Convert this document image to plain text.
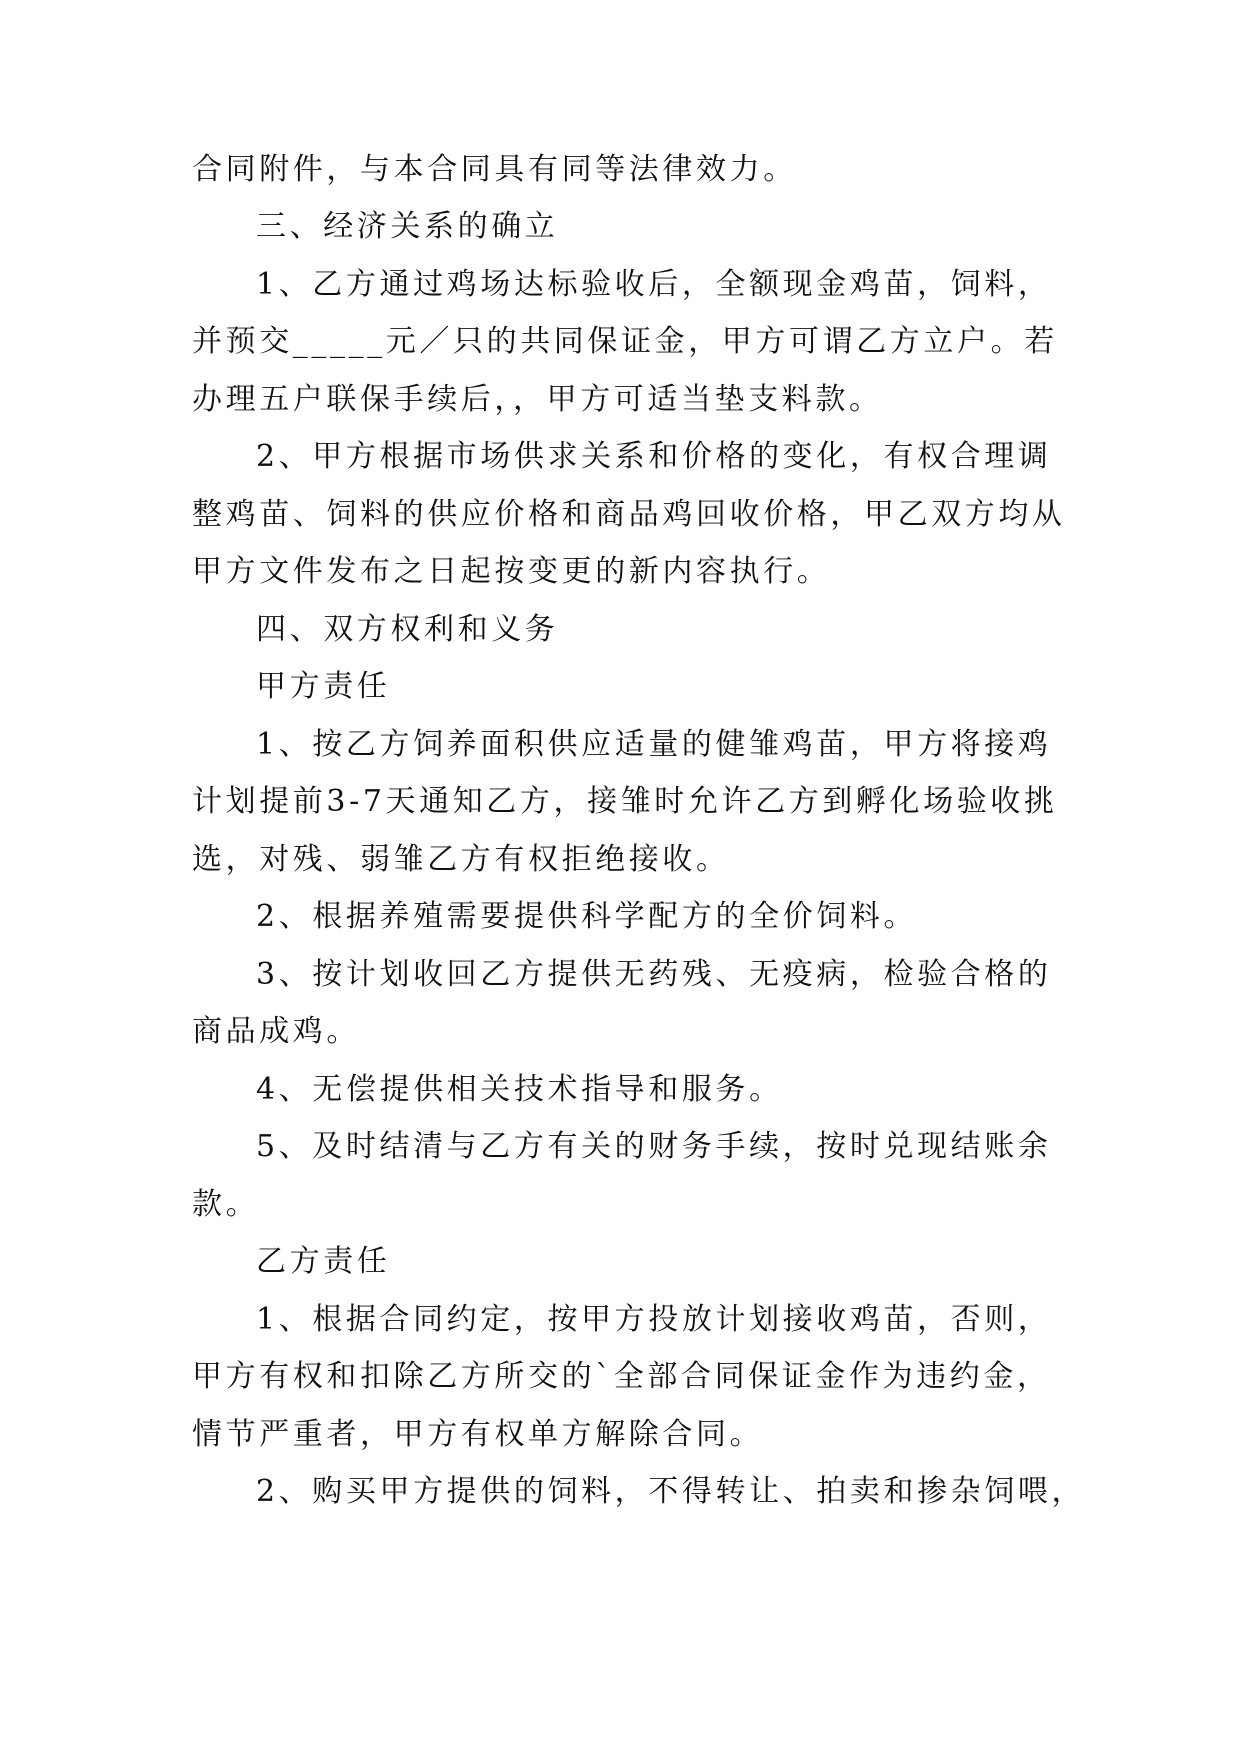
合同附件，与本合同具有同等法律效力。
三、经济关系的确立
1、乙方通过鸡场达标验收后，全额现金鸡苗，饲料，
并预交_____元／只的共同保证金，甲方可谓乙方立户。若
办理五户联保手续后，，甲方可适当垫支料款。
2、甲方根据市场供求关系和价格的变化，有权合理调
整鸡苗、饲料的供应价格和商品鸡回收价格，甲乙双方均从
甲方文件发布之日起按变更的新内容执行。
四、双方权利和义务
甲方责任
1、按乙方饲养面积供应适量的健雏鸡苗，甲方将接鸡
计划提前3-7天通知乙方，接雏时允许乙方到孵化场验收挑
选，对残、弱雏乙方有权拒绝接收。
2、根据养殖需要提供科学配方的全价饲料。
3、按计划收回乙方提供无药残、无疫病，检验合格的
商品成鸡。
4、无偿提供相关技术指导和服务。
5、及时结清与乙方有关的财务手续，按时兑现结账余
款。
乙方责任
1、根据合同约定，按甲方投放计划接收鸡苗，否则，
甲方有权和扣除乙方所交的`全部合同保证金作为违约金，
情节严重者，甲方有权单方解除合同。
2、购买甲方提供的饲料，不得转让、拍卖和掺杂饲喂，
